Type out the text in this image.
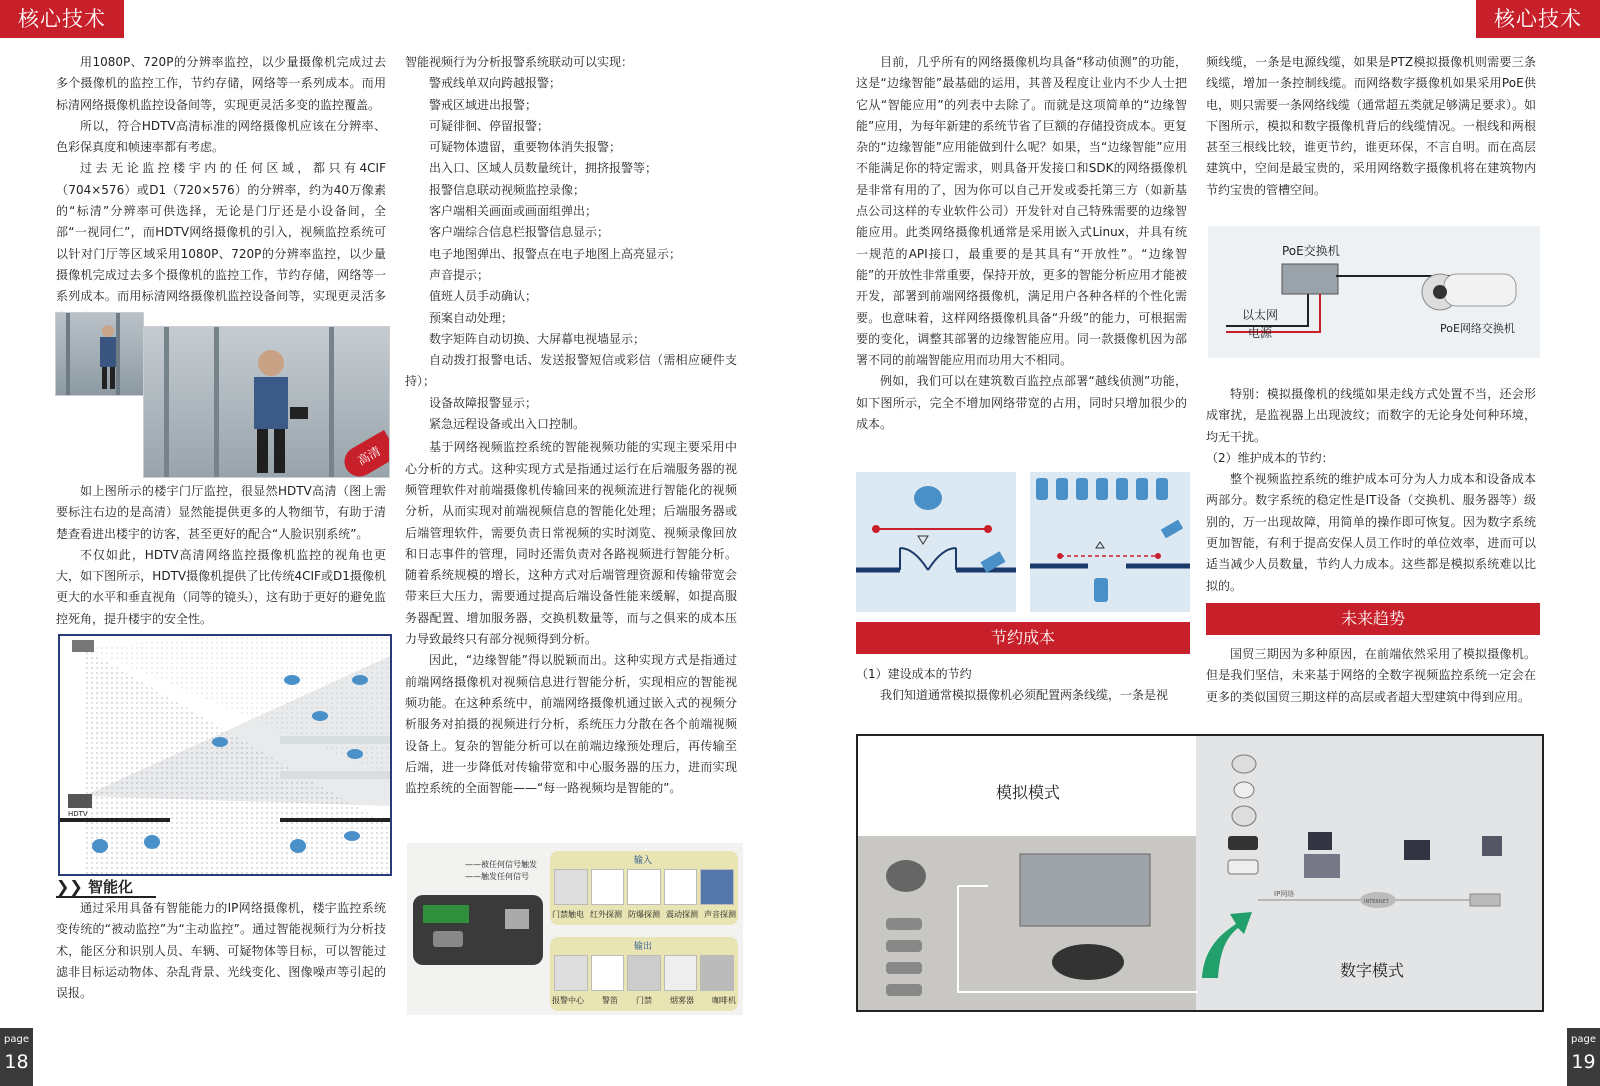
核心技术	核心技术

用1080P、720P的分辨率监控，以少量摄像机完成过去多个摄像机的监控工作，节约存储，网络等一系列成本。而用标清网络摄像机监控设备间等，实现更灵活多变的监控覆盖。

所以，符合HDTV高清标准的网络摄像机应该在分辨率、色彩保真度和帧速率都有考虑。

过去无论监控楼宇内的任何区域，都只有4CIF（704×576）或D1（720×576）的分辨率，约为40万像素的“标清”分辨率可供选择，无论是门厅还是小设备间，全部“一视同仁”，而HDTV网络摄像机的引入，视频监控系统可以针对门厅等区域采用1080P、720P的分辨率监控，以少量摄像机完成过去多个摄像机的监控工作，节约存储，网络等一系列成本。而用标清网络摄像机监控设备间等，实现更灵活多

高清

如上图所示的楼宇门厅监控，很显然HDTV高清（图上需要标注右边的是高清）显然能提供更多的人物细节，有助于清楚查看进出楼宇的访客，甚至更好的配合“人脸识别系统”。

不仅如此，HDTV高清网络监控摄像机监控的视角也更大，如下图所示，HDTV摄像机提供了比传统4CIF或D1摄像机更大的水平和垂直视角（同等的镜头），这有助于更好的避免监控死角，提升楼宇的安全性。

HDTV
❯❯ 智能化

通过采用具备有智能能力的IP网络摄像机，楼宇监控系统变传统的“被动监控”为“主动监控”。通过智能视频行为分析技术，能区分和识别人员、车辆、可疑物体等目标，可以智能过滤非目标运动物体、杂乱背景、光线变化、图像噪声等引起的误报。

智能视频行为分析报警系统联动可以实现：

警戒线单双向跨越报警；

警戒区域进出报警；

可疑徘徊、停留报警；

可疑物体遗留，重要物体消失报警；

出入口、区域人员数量统计，拥挤报警等；

报警信息联动视频监控录像；

客户端相关画面或画面组弹出；

客户端综合信息栏报警信息显示；

电子地图弹出、报警点在电子地图上高亮显示；

声音提示；

值班人员手动确认；

预案自动处理；

数字矩阵自动切换、大屏幕电视墙显示；

自动拨打报警电话、发送报警短信或彩信（需相应硬件支持）；

设备故障报警显示；

紧急远程设备或出入口控制。

基于网络视频监控系统的智能视频功能的实现主要采用中心分析的方式。这种实现方式是指通过运行在后端服务器的视频管理软件对前端摄像机传输回来的视频流进行智能化的视频分析，从而实现对前端视频信息的智能化处理；后端服务器或后端管理软件，需要负责日常视频的实时浏览、视频录像回放和日志事件的管理，同时还需负责对各路视频进行智能分析。随着系统规模的增长，这种方式对后端管理资源和传输带宽会带来巨大压力，需要通过提高后端设备性能来缓解，如提高服务器配置、增加服务器，交换机数量等，而与之俱来的成本压力导致最终只有部分视频得到分析。

因此，“边缘智能”得以脱颖而出。这种实现方式是指通过前端网络摄像机对视频信息进行智能分析，实现相应的智能视频功能。在这种系统中，前端网络摄像机通过嵌入式的视频分析服务对拍摄的视频进行分析，系统压力分散在各个前端视频设备上。复杂的智能分析可以在前端边缘预处理后，再传输至后端，进一步降低对传输带宽和中心服务器的压力，进而实现监控系统的全面智能——“每一路视频均是智能的”。

——被任何信号触发
——触发任何信号
输入
门禁触电 红外探测 防爆探测 震动探测 声音探测
输出
报警中心 警笛 门禁 烟雾器 咖啡机

目前，几乎所有的网络摄像机均具备“移动侦测”的功能，这是“边缘智能”最基础的运用，其普及程度让业内不少人士把它从“智能应用”的列表中去除了。而就是这项简单的“边缘智能”应用，为每年新建的系统节省了巨额的存储投资成本。更复杂的“边缘智能”应用能做到什么呢？如果，当“边缘智能”应用不能满足你的特定需求，则具备开发接口和SDK的网络摄像机是非常有用的了，因为你可以自己开发或委托第三方（如新基点公司这样的专业软件公司）开发针对自己特殊需要的边缘智能应用。此类网络摄像机通常是采用嵌入式Linux，并具有统一规范的API接口，最重要的是其具有“开放性”。“边缘智能”的开放性非常重要，保持开放，更多的智能分析应用才能被开发，部署到前端网络摄像机，满足用户各种各样的个性化需要。也意味着，这样网络摄像机具备“升级”的能力，可根据需要的变化，调整其部署的边缘智能应用。同一款摄像机因为部署不同的前端智能应用而功用大不相同。

例如，我们可以在建筑数百监控点部署“越线侦测”功能，如下图所示，完全不增加网络带宽的占用，同时只增加很少的成本。

节约成本

（1）建设成本的节约

我们知道通常模拟摄像机必须配置两条线缆，一条是视

频线缆，一条是电源线缆，如果是PTZ模拟摄像机则需要三条线缆，增加一条控制线缆。而网络数字摄像机如果采用PoE供电，则只需要一条网络线缆（通常超五类就足够满足要求）。如下图所示，模拟和数字摄像机背后的线缆情况。一根线和两根甚至三根线比较，谁更节约，谁更环保，不言自明。而在高层建筑中，空间是最宝贵的，采用网络数字摄像机将在建筑物内节约宝贵的管槽空间。

PoE交换机
以太网
电源	PoE网络交换机

特别：模拟摄像机的线缆如果走线方式处置不当，还会形成窜扰，是监视器上出现波纹；而数字的无论身处何种环境，均无干扰。

（2）维护成本的节约：

整个视频监控系统的维护成本可分为人力成本和设备成本两部分。数字系统的稳定性是IT设备（交换机、服务器等）级别的，万一出现故障，用简单的操作即可恢复。因为数字系统更加智能，有利于提高安保人员工作时的单位效率，进而可以适当减少人员数量，节约人力成本。这些都是模拟系统难以比拟的。

未来趋势

国贸三期因为多种原因，在前端依然采用了模拟摄像机。但是我们坚信，未来基于网络的全数字视频监控系统一定会在更多的类似国贸三期这样的高层或者超大型建筑中得到应用。

模拟模式
数字模式
IP网络
INTERNET
page
18
page
19
